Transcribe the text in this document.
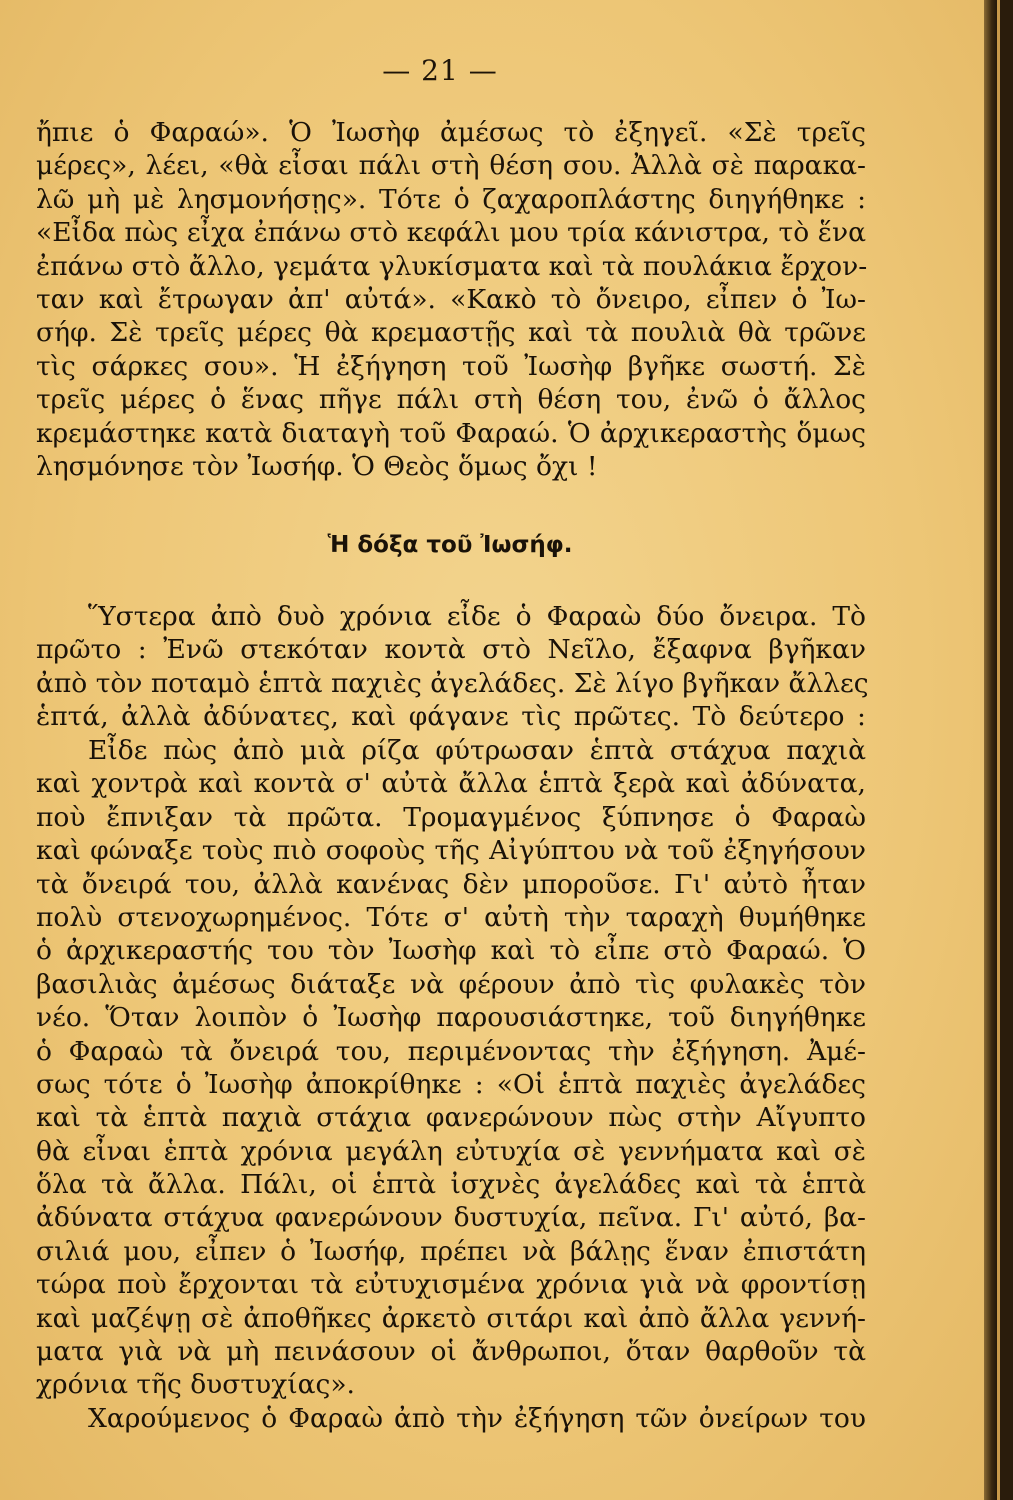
— 21 —
ἤπιε ὁ Φαραώ». Ὁ Ἰωσὴφ ἀμέσως τὸ ἐξηγεῖ. «Σὲ τρεῖς
μέρες», λέει, «θὰ εἶσαι πάλι στὴ θέση σου. Ἀλλὰ σὲ παρακα-
λῶ μὴ μὲ λησμονήσῃς». Τότε ὁ ζαχαροπλάστης διηγήθηκε :
«Εἶδα πὼς εἶχα ἐπάνω στὸ κεφάλι μου τρία κάνιστρα, τὸ ἕνα
ἐπάνω στὸ ἄλλο, γεμάτα γλυκίσματα καὶ τὰ πουλάκια ἔρχον-
ταν καὶ ἔτρωγαν ἀπ' αὐτά». «Κακὸ τὸ ὄνειρο, εἶπεν ὁ Ἰω-
σήφ. Σὲ τρεῖς μέρες θὰ κρεμαστῇς καὶ τὰ πουλιὰ θὰ τρῶνε
τὶς σάρκες σου». Ἡ ἐξήγηση τοῦ Ἰωσὴφ βγῆκε σωστή. Σὲ
τρεῖς μέρες ὁ ἕνας πῆγε πάλι στὴ θέση του, ἐνῶ ὁ ἄλλος
κρεμάστηκε κατὰ διαταγὴ τοῦ Φαραώ. Ὁ ἀρχικεραστὴς ὅμως
λησμόνησε τὸν Ἰωσήφ. Ὁ Θεὸς ὅμως ὄχι !
Ἡ δόξα τοῦ Ἰωσήφ.
Ὕστερα ἀπὸ δυὸ χρόνια εἶδε ὁ Φαραὼ δύο ὄνειρα. Τὸ
πρῶτο : Ἐνῶ στεκόταν κοντὰ στὸ Νεῖλο, ἔξαφνα βγῆκαν
ἀπὸ τὸν ποταμὸ ἑπτὰ παχιὲς ἀγελάδες. Σὲ λίγο βγῆκαν ἄλλες
ἑπτά, ἀλλὰ ἀδύνατες, καὶ φάγανε τὶς πρῶτες. Τὸ δεύτερο :
Εἶδε πὼς ἀπὸ μιὰ ρίζα φύτρωσαν ἑπτὰ στάχυα παχιὰ
καὶ χοντρὰ καὶ κοντὰ σ' αὐτὰ ἄλλα ἑπτὰ ξερὰ καὶ ἀδύνατα,
ποὺ ἔπνιξαν τὰ πρῶτα. Τρομαγμένος ξύπνησε ὁ Φαραὼ
καὶ φώναξε τοὺς πιὸ σοφοὺς τῆς Αἰγύπτου νὰ τοῦ ἐξηγήσουν
τὰ ὄνειρά του, ἀλλὰ κανένας δὲν μποροῦσε. Γι' αὐτὸ ἦταν
πολὺ στενοχωρημένος. Τότε σ' αὐτὴ τὴν ταραχὴ θυμήθηκε
ὁ ἀρχικεραστής του τὸν Ἰωσὴφ καὶ τὸ εἶπε στὸ Φαραώ. Ὁ
βασιλιὰς ἀμέσως διάταξε νὰ φέρουν ἀπὸ τὶς φυλακὲς τὸν
νέο. Ὅταν λοιπὸν ὁ Ἰωσὴφ παρουσιάστηκε, τοῦ διηγήθηκε
ὁ Φαραὼ τὰ ὄνειρά του, περιμένοντας τὴν ἐξήγηση. Ἀμέ-
σως τότε ὁ Ἰωσὴφ ἀποκρίθηκε : «Οἱ ἑπτὰ παχιὲς ἀγελάδες
καὶ τὰ ἑπτὰ παχιὰ στάχια φανερώνουν πὼς στὴν Αἴγυπτο
θὰ εἶναι ἑπτὰ χρόνια μεγάλη εὐτυχία σὲ γεννήματα καὶ σὲ
ὅλα τὰ ἄλλα. Πάλι, οἱ ἑπτὰ ἰσχνὲς ἀγελάδες καὶ τὰ ἑπτὰ
ἀδύνατα στάχυα φανερώνουν δυστυχία, πεῖνα. Γι' αὐτό, βα-
σιλιά μου, εἶπεν ὁ Ἰωσήφ, πρέπει νὰ βάλῃς ἕναν ἐπιστάτη
τώρα ποὺ ἔρχονται τὰ εὐτυχισμένα χρόνια γιὰ νὰ φροντίσῃ
καὶ μαζέψῃ σὲ ἀποθῆκες ἀρκετὸ σιτάρι καὶ ἀπὸ ἄλλα γεννή-
ματα γιὰ νὰ μὴ πεινάσουν οἱ ἄνθρωποι, ὅταν θαρθοῦν τὰ
χρόνια τῆς δυστυχίας».
Χαρούμενος ὁ Φαραὼ ἀπὸ τὴν ἐξήγηση τῶν ὀνείρων του
